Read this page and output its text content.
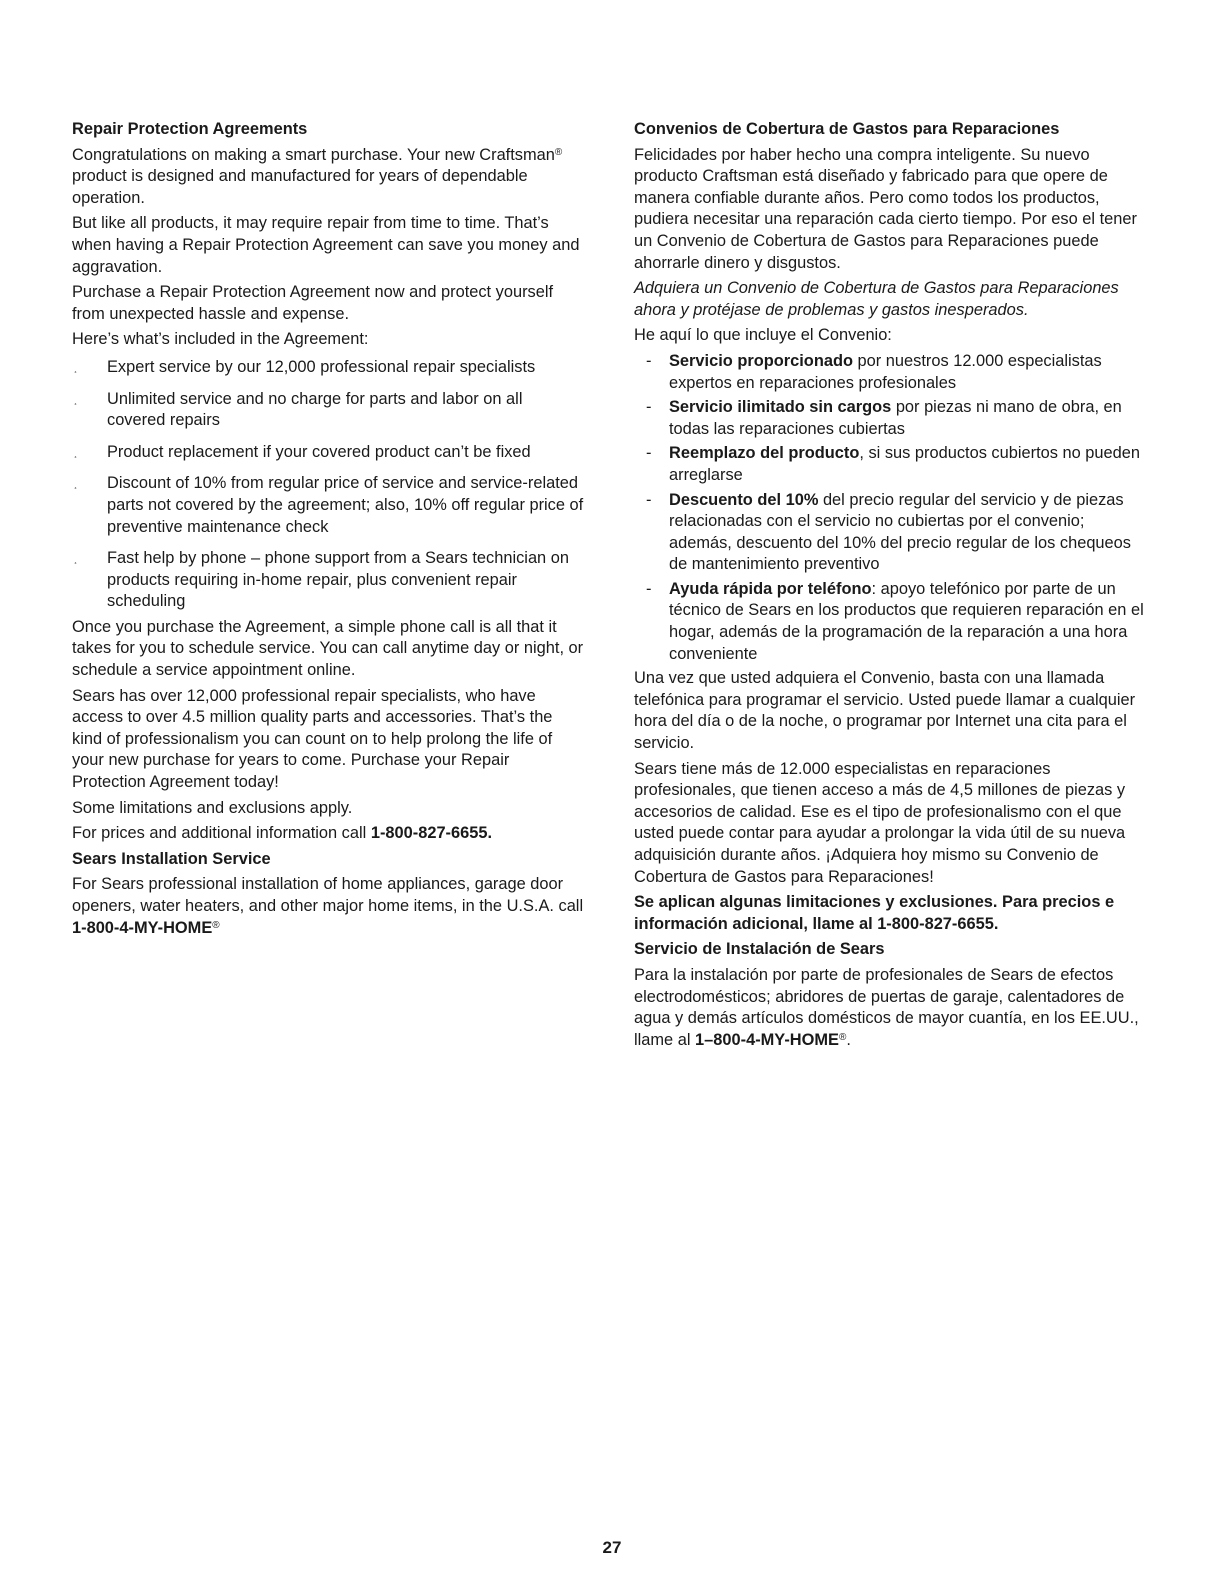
Repair Protection Agreements

Congratulations on making a smart purchase. Your new Craftsman® product is designed and manufactured for years of dependable operation.

But like all products, it may require repair from time to time. That’s when having a Repair Protection Agreement can save you money and aggravation.

Purchase a Repair Protection Agreement now and protect yourself from unexpected hassle and expense.

Here’s what’s included in the Agreement:

¸ Expert service by our 12,000 professional repair specialists
¸ Unlimited service and no charge for parts and labor on all covered repairs
¸ Product replacement if your covered product can’t be fixed
¸ Discount of 10% from regular price of service and service-related parts not covered by the agreement; also, 10% off regular price of preventive maintenance check
¸ Fast help by phone – phone support from a Sears technician on products requiring in-home repair, plus convenient repair scheduling

Once you purchase the Agreement, a simple phone call is all that it takes for you to schedule service. You can call anytime day or night, or schedule a service appointment online.

Sears has over 12,000 professional repair specialists, who have access to over 4.5 million quality parts and accessories. That’s the kind of professionalism you can count on to help prolong the life of your new purchase for years to come. Purchase your Repair Protection Agreement today!

Some limitations and exclusions apply.

For prices and additional information call 1-800-827-6655.

Sears Installation Service

For Sears professional installation of home appliances, garage door openers, water heaters, and other major home items, in the U.S.A. call 1-800-4-MY-HOME®

Convenios de Cobertura de Gastos para Reparaciones

Felicidades por haber hecho una compra inteligente. Su nuevo producto Craftsman está diseñado y fabricado para que opere de manera confiable durante años. Pero como todos los productos, pudiera necesitar una reparación cada cierto tiempo. Por eso el tener un Convenio de Cobertura de Gastos para Reparaciones puede ahorrarle dinero y disgustos.

Adquiera un Convenio de Cobertura de Gastos para Reparaciones ahora y protéjase de problemas y gastos inesperados.

He aquí lo que incluye el Convenio:

- Servicio proporcionado por nuestros 12.000 especialistas expertos en reparaciones profesionales
- Servicio ilimitado sin cargos por piezas ni mano de obra, en todas las reparaciones cubiertas
- Reemplazo del producto, si sus productos cubiertos no pueden arreglarse
- Descuento del 10% del precio regular del servicio y de piezas relacionadas con el servicio no cubiertas por el convenio; además, descuento del 10% del precio regular de los chequeos de mantenimiento preventivo
- Ayuda rápida por teléfono: apoyo telefónico por parte de un técnico de Sears en los productos que requieren reparación en el hogar, además de la programación de la reparación a una hora conveniente

Una vez que usted adquiera el Convenio, basta con una llamada telefónica para programar el servicio. Usted puede llamar a cualquier hora del día o de la noche, o programar por Internet una cita para el servicio.

Sears tiene más de 12.000 especialistas en reparaciones profesionales, que tienen acceso a más de 4,5 millones de piezas y accesorios de calidad. Ese es el tipo de profesionalismo con el que usted puede contar para ayudar a prolongar la vida útil de su nueva adquisición durante años. ¡Adquiera hoy mismo su Convenio de Cobertura de Gastos para Reparaciones!

Se aplican algunas limitaciones y exclusiones. Para precios e información adicional, llame al 1-800-827-6655.

Servicio de Instalación de Sears

Para la instalación por parte de profesionales de Sears de efectos electrodomésticos; abridores de puertas de garaje, calentadores de agua y demás artículos domésticos de mayor cuantía, en los EE.UU., llame al 1–800-4-MY-HOME®.

27
